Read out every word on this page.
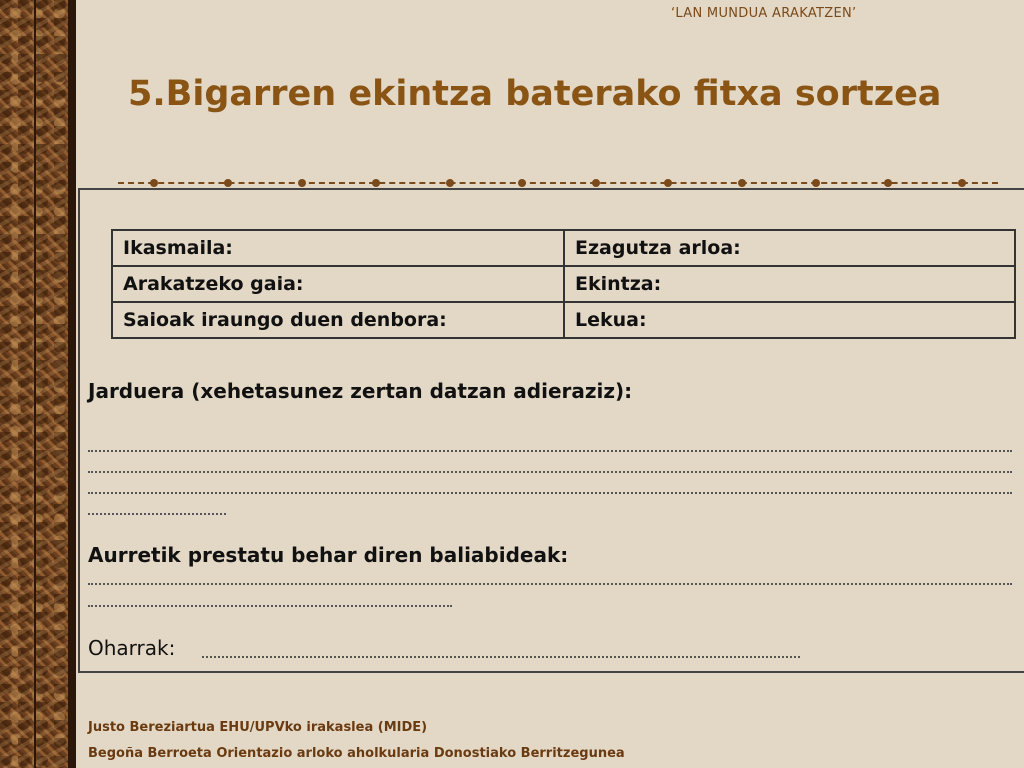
‘LAN MUNDUA ARAKATZEN’
5.Bigarren ekintza baterako fitxa sortzea
Ikasmaila:	Ezagutza arloa:
Arakatzeko gaia:	Ekintza:
Saioak iraungo duen denbora:	Lekua:
Jarduera (xehetasunez zertan datzan adieraziz):
Aurretik prestatu behar diren baliabideak:
Oharrak:
Justo Bereziartua EHU/UPVko irakaslea (MIDE)
Begoña Berroeta Orientazio arloko aholkularia Donostiako Berritzegunea
